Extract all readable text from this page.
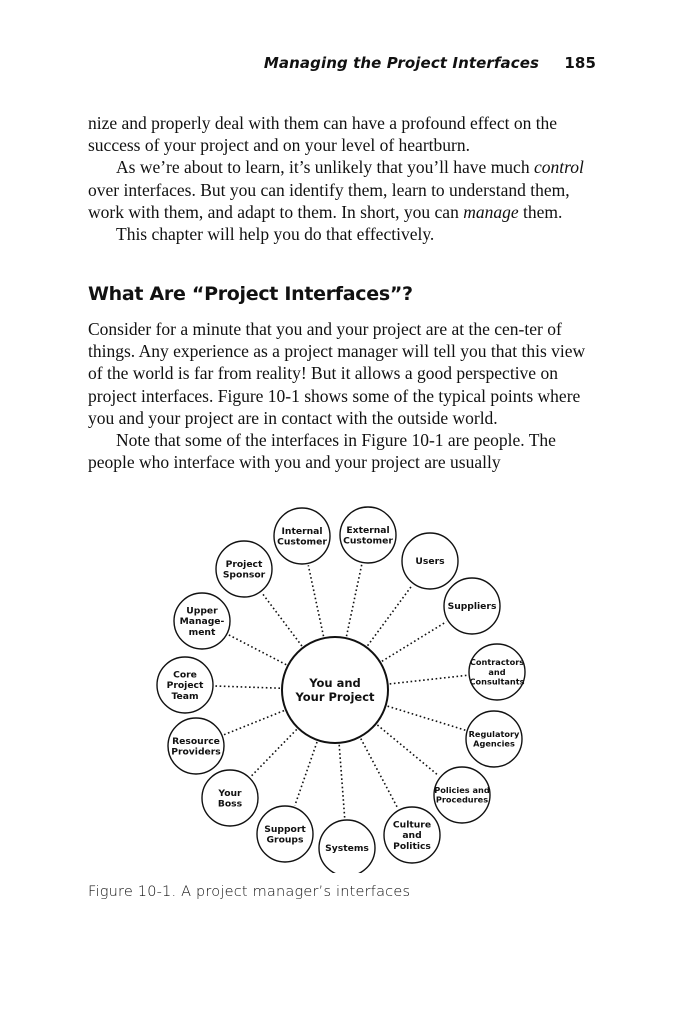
Managing the Project Interfaces 185

nize and properly deal with them can have a profound effect on the success of your project and on your level of heartburn.

As we’re about to learn, it’s unlikely that you’ll have much control over interfaces. But you can identify them, learn to understand them, work with them, and adapt to them. In short, you can manage them.

This chapter will help you do that effectively.

What Are “Project Interfaces”?

Consider for a minute that you and your project are at the cen-ter of things. Any experience as a project manager will tell you that this view of the world is far from reality! But it allows a good perspective on project interfaces. Figure 10-1 shows some of the typical points where you and your project are in contact with the outside world.

Note that some of the interfaces in Figure 10-1 are people. The people who interface with you and your project are usually

Internal Customer
External Customer
Users
Suppliers
Contractors and Consultants
Regulatory Agencies
Policies and Procedures
Culture and Politics
Systems
Support Groups
Your Boss
Resource Providers
Core Project Team
Upper Manage-ment
Project Sponsor
You and Your Project
Figure 10-1. A project manager’s interfaces
